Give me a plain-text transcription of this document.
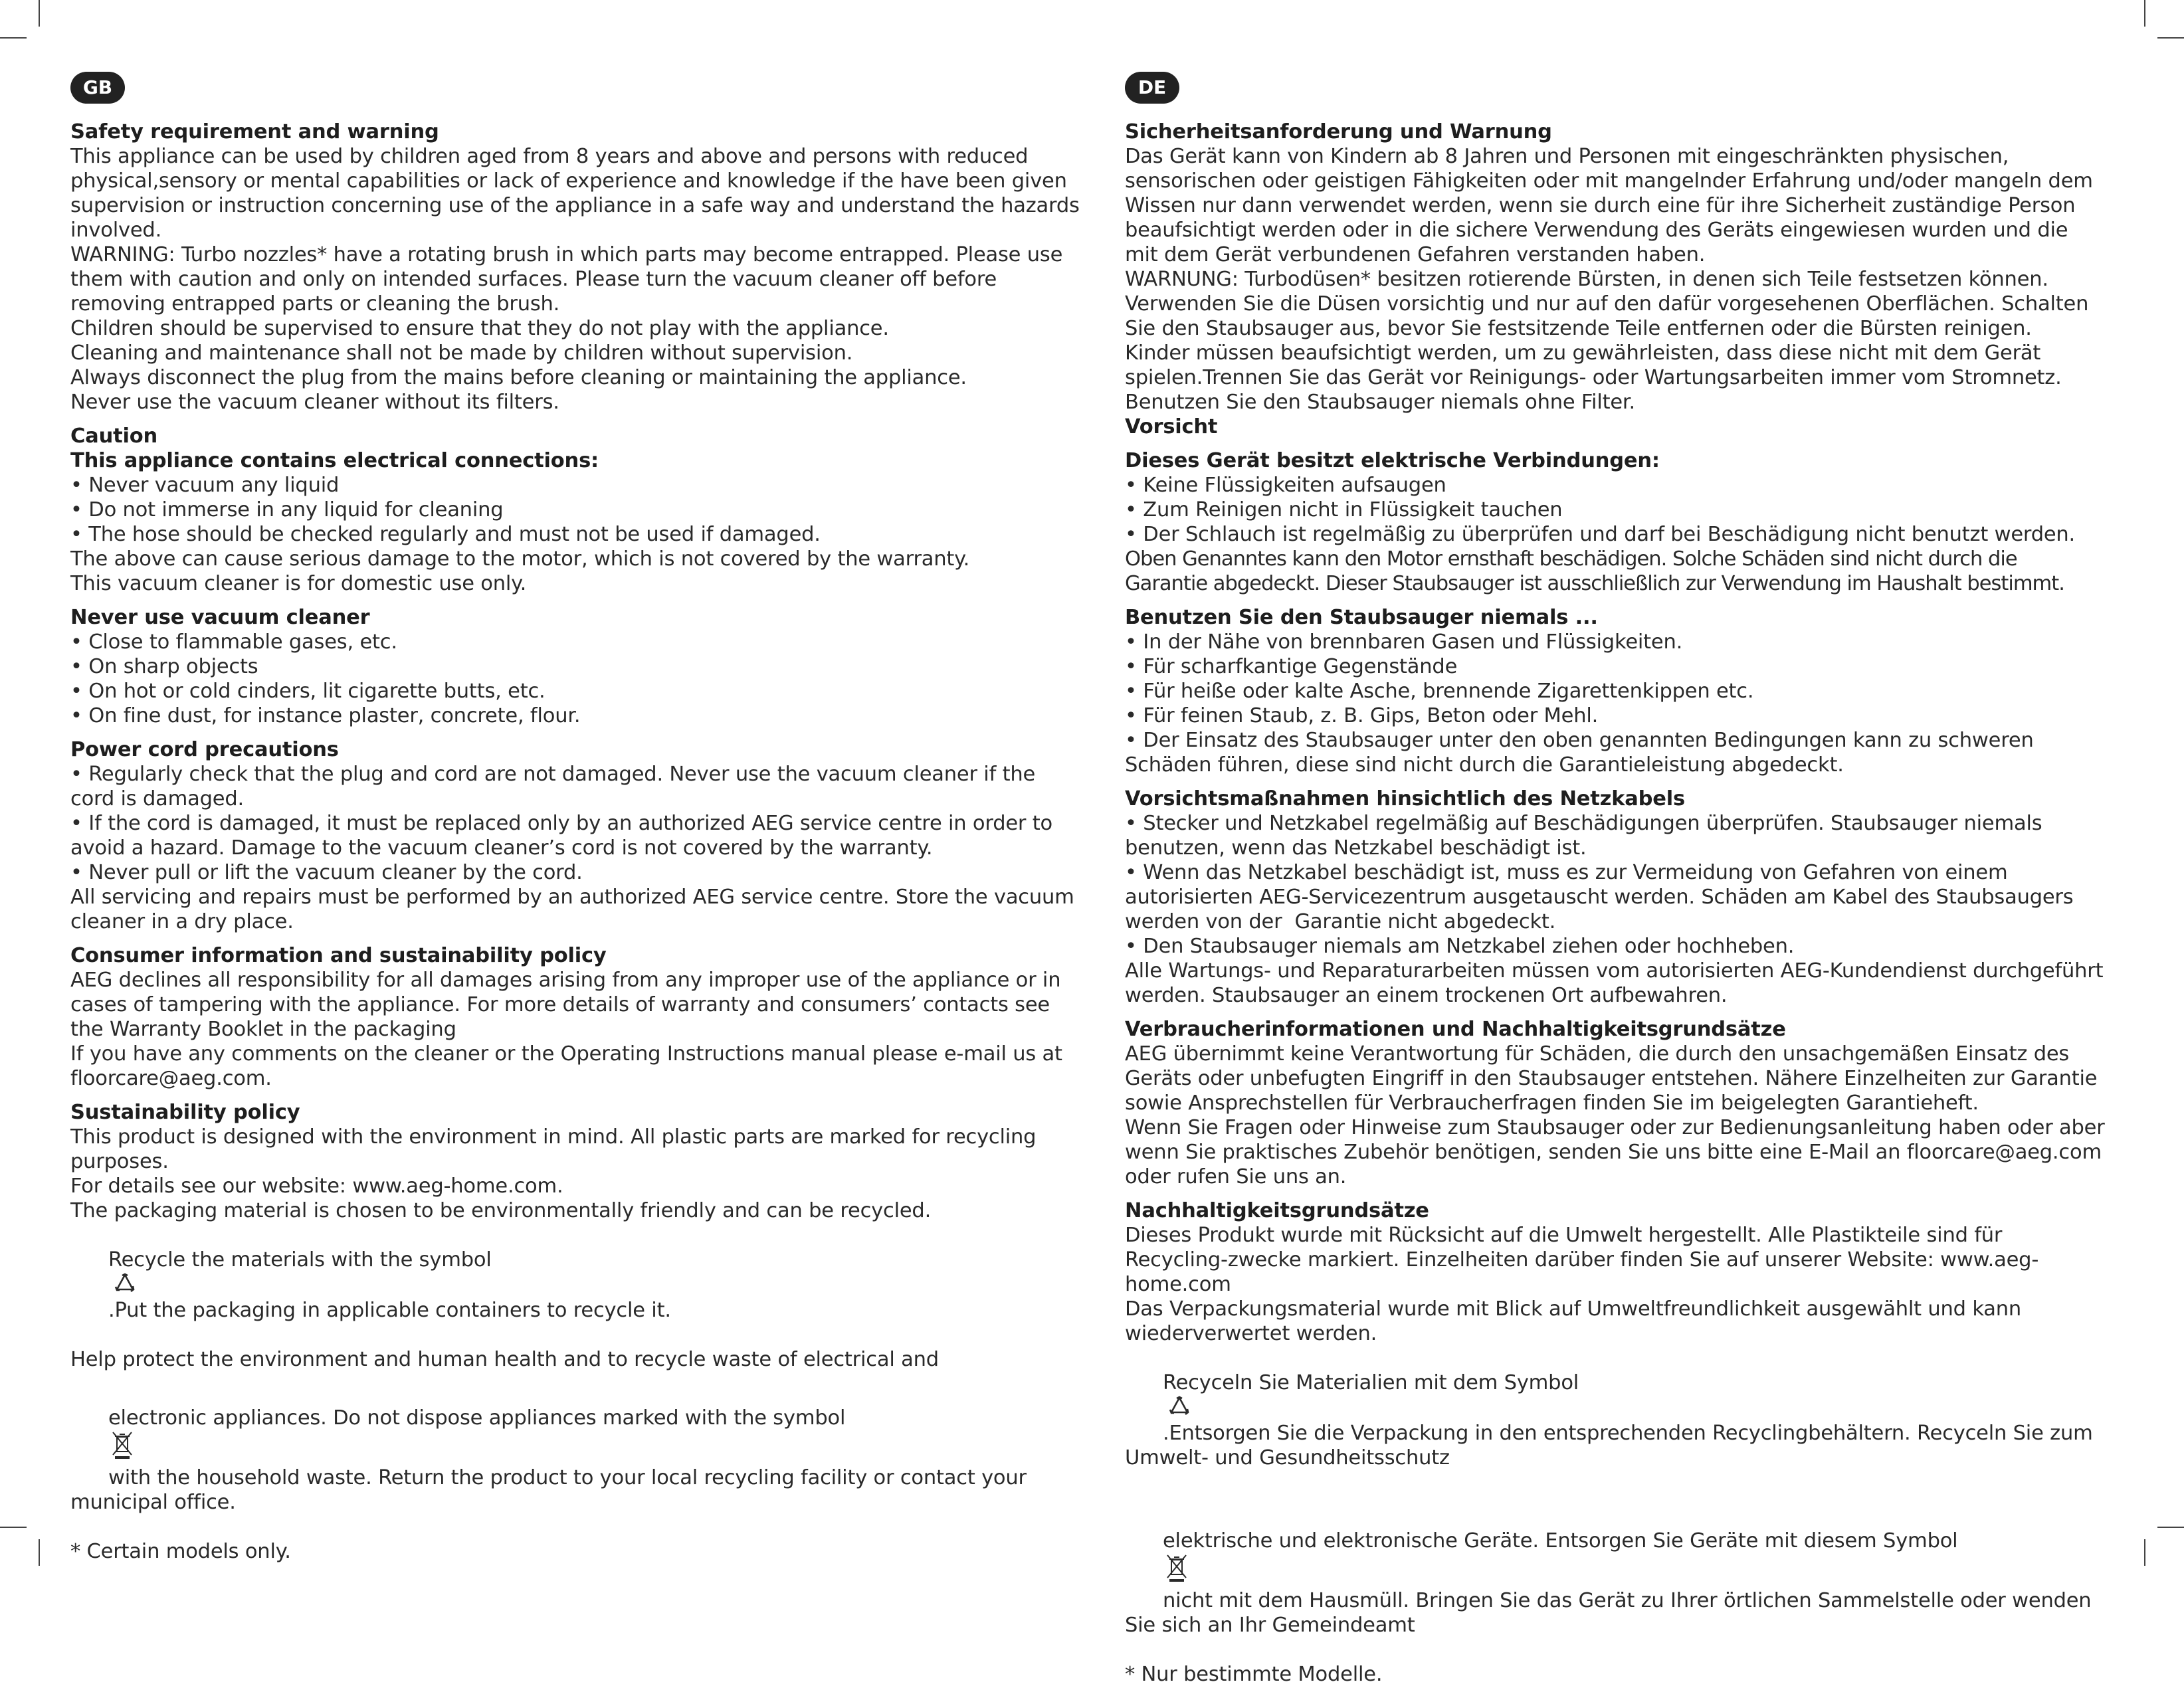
GB
Safety requirement and warning
This appliance can be used by children aged from 8 years and above and persons with reduced physical,sensory or mental capabilities or lack of experience and knowledge if the have been given supervision or instruction concerning use of the appliance in a safe way and understand the hazards involved.
WARNING: Turbo nozzles* have a rotating brush in which parts may become entrapped. Please use them with caution and only on intended surfaces. Please turn the vacuum cleaner off before removing entrapped parts or cleaning the brush.
Children should be supervised to ensure that they do not play with the appliance.
Cleaning and maintenance shall not be made by children without supervision.
Always disconnect the plug from the mains before cleaning or maintaining the appliance.
Never use the vacuum cleaner without its filters.
Caution
This appliance contains electrical connections:
• Never vacuum any liquid
• Do not immerse in any liquid for cleaning
• The hose should be checked regularly and must not be used if damaged.
The above can cause serious damage to the motor, which is not covered by the warranty.
This vacuum cleaner is for domestic use only.
Never use vacuum cleaner
• Close to flammable gases, etc.
• On sharp objects
• On hot or cold cinders, lit cigarette butts, etc.
• On fine dust, for instance plaster, concrete, flour.
Power cord precautions
• Regularly check that the plug and cord are not damaged. Never use the vacuum cleaner if the cord is damaged.
• If the cord is damaged, it must be replaced only by an authorized AEG service centre in order to avoid a hazard. Damage to the vacuum cleaner’s cord is not covered by the warranty.
• Never pull or lift the vacuum cleaner by the cord.
All servicing and repairs must be performed by an authorized AEG service centre. Store the vacuum cleaner in a dry place.
Consumer information and sustainability policy
AEG declines all responsibility for all damages arising from any improper use of the appliance or in cases of tampering with the appliance. For more details of warranty and consumers’ contacts see the Warranty Booklet in the packaging
If you have any comments on the cleaner or the Operating Instructions manual please e-mail us at floorcare@aeg.com.
Sustainability policy
This product is designed with the environment in mind. All plastic parts are marked for recycling purposes.
For details see our website: www.aeg-home.com.
The packaging material is chosen to be environmentally friendly and can be recycled.

Recycle the materials with the symbol

.Put the packaging in applicable containers to recycle it.

Help protect the environment and human health and to recycle waste of electrical and

electronic appliances. Do not dispose appliances marked with the symbol

with the household waste. Return the product to your local recycling facility or contact your municipal office.

* Certain models only.
DE
Sicherheitsanforderung und Warnung
Das Gerät kann von Kindern ab 8 Jahren und Personen mit eingeschränkten physischen, sensorischen oder geistigen Fähigkeiten oder mit mangelnder Erfahrung und/oder mangeln dem Wissen nur dann verwendet werden, wenn sie durch eine für ihre Sicherheit zuständige Person beaufsichtigt werden oder in die sichere Verwendung des Geräts eingewiesen wurden und die mit dem Gerät verbundenen Gefahren verstanden haben.
WARNUNG: Turbodüsen* besitzen rotierende Bürsten, in denen sich Teile festsetzen können. Verwenden Sie die Düsen vorsichtig und nur auf den dafür vorgesehenen Oberflächen. Schalten Sie den Staubsauger aus, bevor Sie festsitzende Teile entfernen oder die Bürsten reinigen.
Kinder müssen beaufsichtigt werden, um zu gewährleisten, dass diese nicht mit dem Gerät spielen.Trennen Sie das Gerät vor Reinigungs- oder Wartungsarbeiten immer vom Stromnetz.
Benutzen Sie den Staubsauger niemals ohne Filter.
Vorsicht
Dieses Gerät besitzt elektrische Verbindungen:
• Keine Flüssigkeiten aufsaugen
• Zum Reinigen nicht in Flüssigkeit tauchen
• Der Schlauch ist regelmäßig zu überprüfen und darf bei Beschädigung nicht benutzt werden.
Oben Genanntes kann den Motor ernsthaft beschädigen. Solche Schäden sind nicht durch die Garantie abgedeckt. Dieser Staubsauger ist ausschließlich zur Verwendung im Haushalt bestimmt.
Benutzen Sie den Staubsauger niemals ...
• In der Nähe von brennbaren Gasen und Flüssigkeiten.
• Für scharfkantige Gegenstände
• Für heiße oder kalte Asche, brennende Zigarettenkippen etc.
• Für feinen Staub, z. B. Gips, Beton oder Mehl.
• Der Einsatz des Staubsauger unter den oben genannten Bedingungen kann zu schweren Schäden führen, diese sind nicht durch die Garantieleistung abgedeckt.
Vorsichtsmaßnahmen hinsichtlich des Netzkabels
• Stecker und Netzkabel regelmäßig auf Beschädigungen überprüfen. Staubsauger niemals benutzen, wenn das Netzkabel beschädigt ist.
• Wenn das Netzkabel beschädigt ist, muss es zur Vermeidung von Gefahren von einem autorisierten AEG-Servicezentrum ausgetauscht werden. Schäden am Kabel des Staubsaugers werden von der  Garantie nicht abgedeckt.
• Den Staubsauger niemals am Netzkabel ziehen oder hochheben.
Alle Wartungs- und Reparaturarbeiten müssen vom autorisierten AEG-Kundendienst durchgeführt werden. Staubsauger an einem trockenen Ort aufbewahren.
Verbraucherinformationen und Nachhaltigkeitsgrundsätze
AEG übernimmt keine Verantwortung für Schäden, die durch den unsachgemäßen Einsatz des Geräts oder unbefugten Eingriff in den Staubsauger entstehen. Nähere Einzelheiten zur Garantie sowie Ansprechstellen für Verbraucherfragen finden Sie im beigelegten Garantieheft.
Wenn Sie Fragen oder Hinweise zum Staubsauger oder zur Bedienungsanleitung haben oder aber wenn Sie praktisches Zubehör benötigen, senden Sie uns bitte eine E-Mail an floorcare@aeg.com oder rufen Sie uns an.
Nachhaltigkeitsgrundsätze
Dieses Produkt wurde mit Rücksicht auf die Umwelt hergestellt. Alle Plastikteile sind für Recycling-zwecke markiert. Einzelheiten darüber finden Sie auf unserer Website: www.aeg-home.com
Das Verpackungsmaterial wurde mit Blick auf Umweltfreundlichkeit ausgewählt und kann wiederverwertet werden.

Recyceln Sie Materialien mit dem Symbol

.Entsorgen Sie die Verpackung in den entsprechenden Recyclingbehältern. Recyceln Sie zum Umwelt- und Gesundheitsschutz

elektrische und elektronische Geräte. Entsorgen Sie Geräte mit diesem Symbol

nicht mit dem Hausmüll. Bringen Sie das Gerät zu Ihrer örtlichen Sammelstelle oder wenden Sie sich an Ihr Gemeindeamt

* Nur bestimmte Modelle.
